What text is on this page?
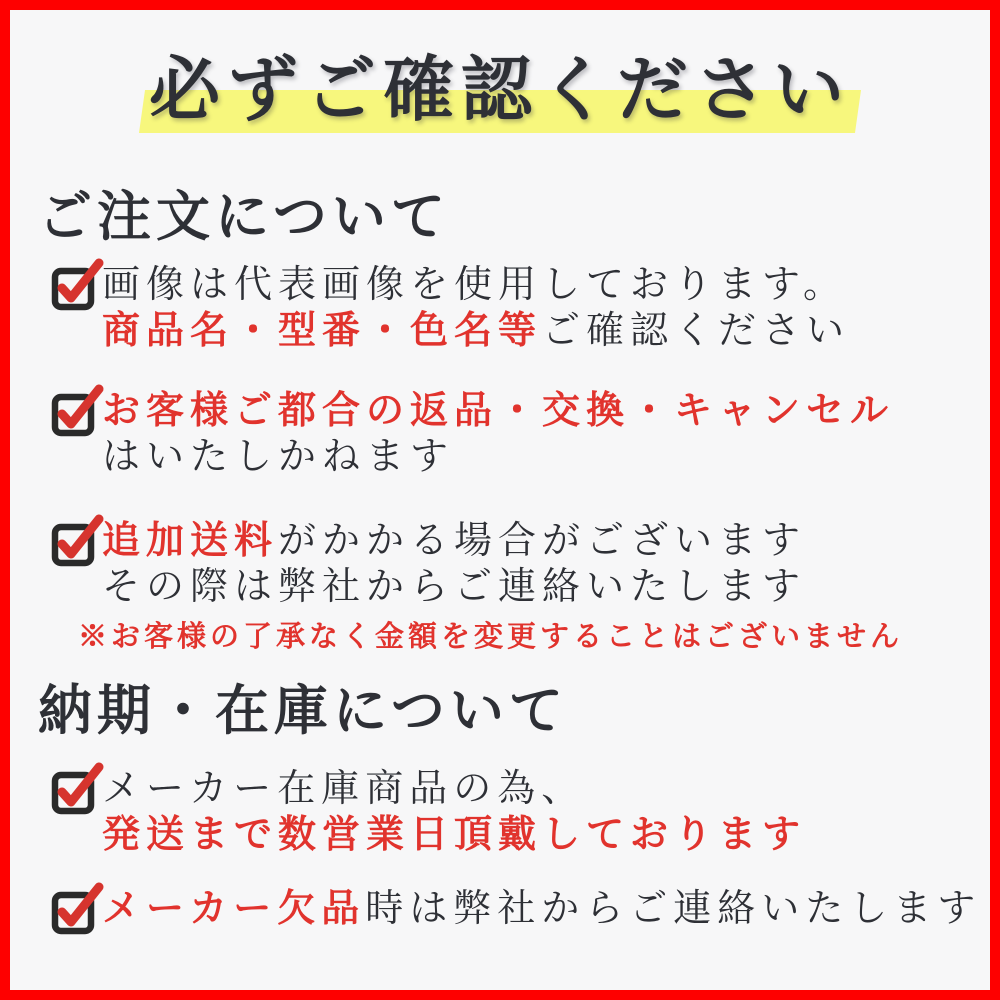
必ずご確認ください
ご注文について
画像は代表画像を使用しております。
商品名・型番・色名等ご確認ください
お客様ご都合の返品・交換・キャンセル
はいたしかねます
追加送料がかかる場合がございます
その際は弊社からご連絡いたします
※お客様の了承なく金額を変更することはございません
納期・在庫について
メーカー在庫商品の為、
発送まで数営業日頂戴しております
メーカー欠品時は弊社からご連絡いたします
